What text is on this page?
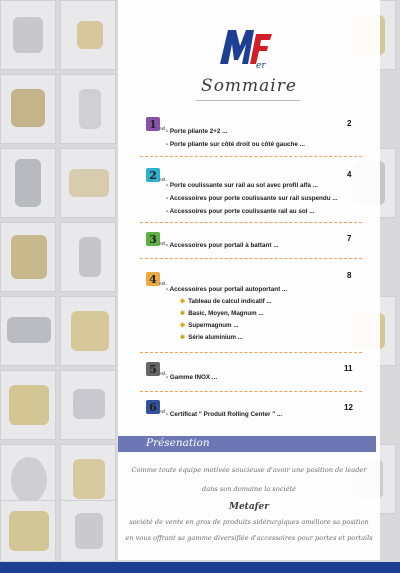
er
Sommaire
1 rd.
2
- Porte pliante 2+2 ...
- Porte pliante sur côté droit ou côté gauche ...
2 rd.
4
- Porte coulissante sur rail au sol avec profil alfa ...
- Accessoires pour porte coulissante sur rail suspendu ...
- Accessoires pour porte coulissante rail au sol ...
3 rd.
7
- Accessoires pour portail à battant ...
4 rd.
8
- Accessoires pour portail autoportant ...
✱ Tableau de calcul indicatif ...
✱ Basic, Moyen, Magnum ...
✱ Supermagnum ...
✱ Série aluminium ...
5 rd.
11
- Gamme INOX ...
6 rd.	12
- Certificat " Produit Rolling Center " ...
Présenation
Comme toute équipe motivée soucieuse d'avoir une position de leader
dans son domaine la société
Metafer
société de vente en gros de produits sidérurgiques améliore sa position
en vous offrant sa gamme diversifiée d'accessoires pour portes et portails
